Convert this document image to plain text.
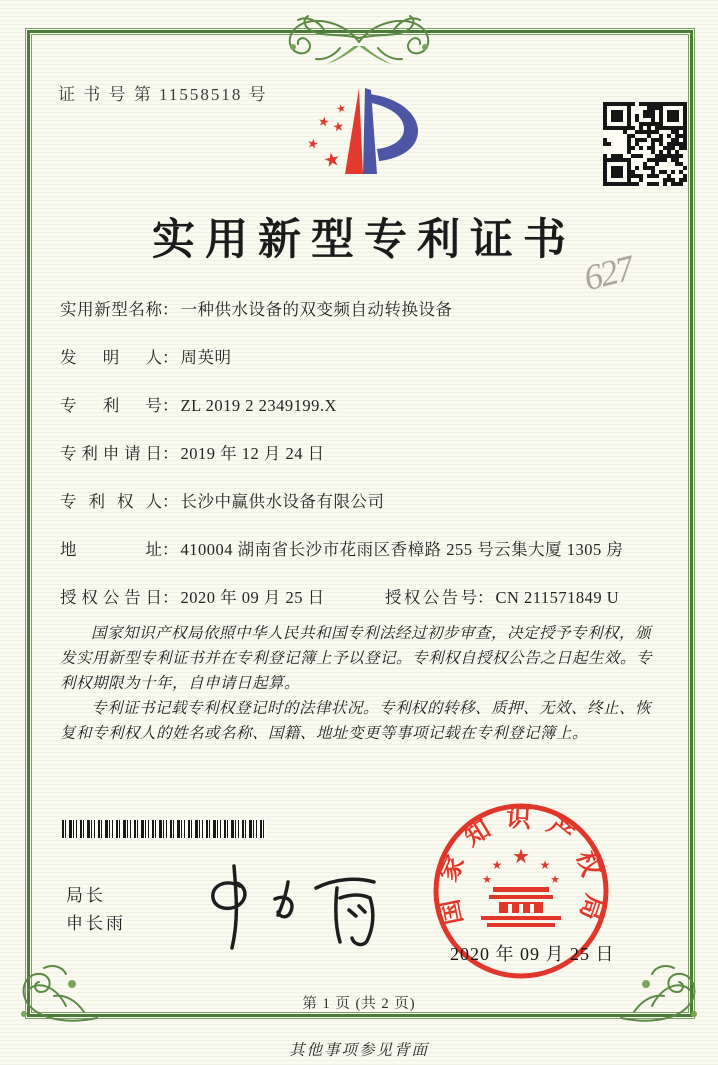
证 书 号 第 11558518 号
★
★ ★
★
★
实用新型专利证书
627
实用新型名称： 一种供水设备的双变频自动转换设备
发明人： 周英明
专利号： ZL 2019 2 2349199.X
专利申请日： 2019 年 12 月 24 日
专利权人： 长沙中赢供水设备有限公司
地址： 410004 湖南省长沙市花雨区香樟路 255 号云集大厦 1305 房
授权公告日： 2020 年 09 月 25 日	授权公告号： CN 211571849 U

国家知识产权局依照中华人民共和国专利法经过初步审查，决定授予专利权，颁发实用新型专利证书并在专利登记簿上予以登记。专利权自授权公告之日起生效。专利权期限为十年，自申请日起算。

专利证书记载专利权登记时的法律状况。专利权的转移、质押、无效、终止、恢复和专利权人的姓名或名称、国籍、地址变更等事项记载在专利登记簿上。

局长
申长雨	国家知识产权局
★
★	★
★	★
2020 年 09 月 25 日
第 1 页 (共 2 页)
其他事项参见背面
